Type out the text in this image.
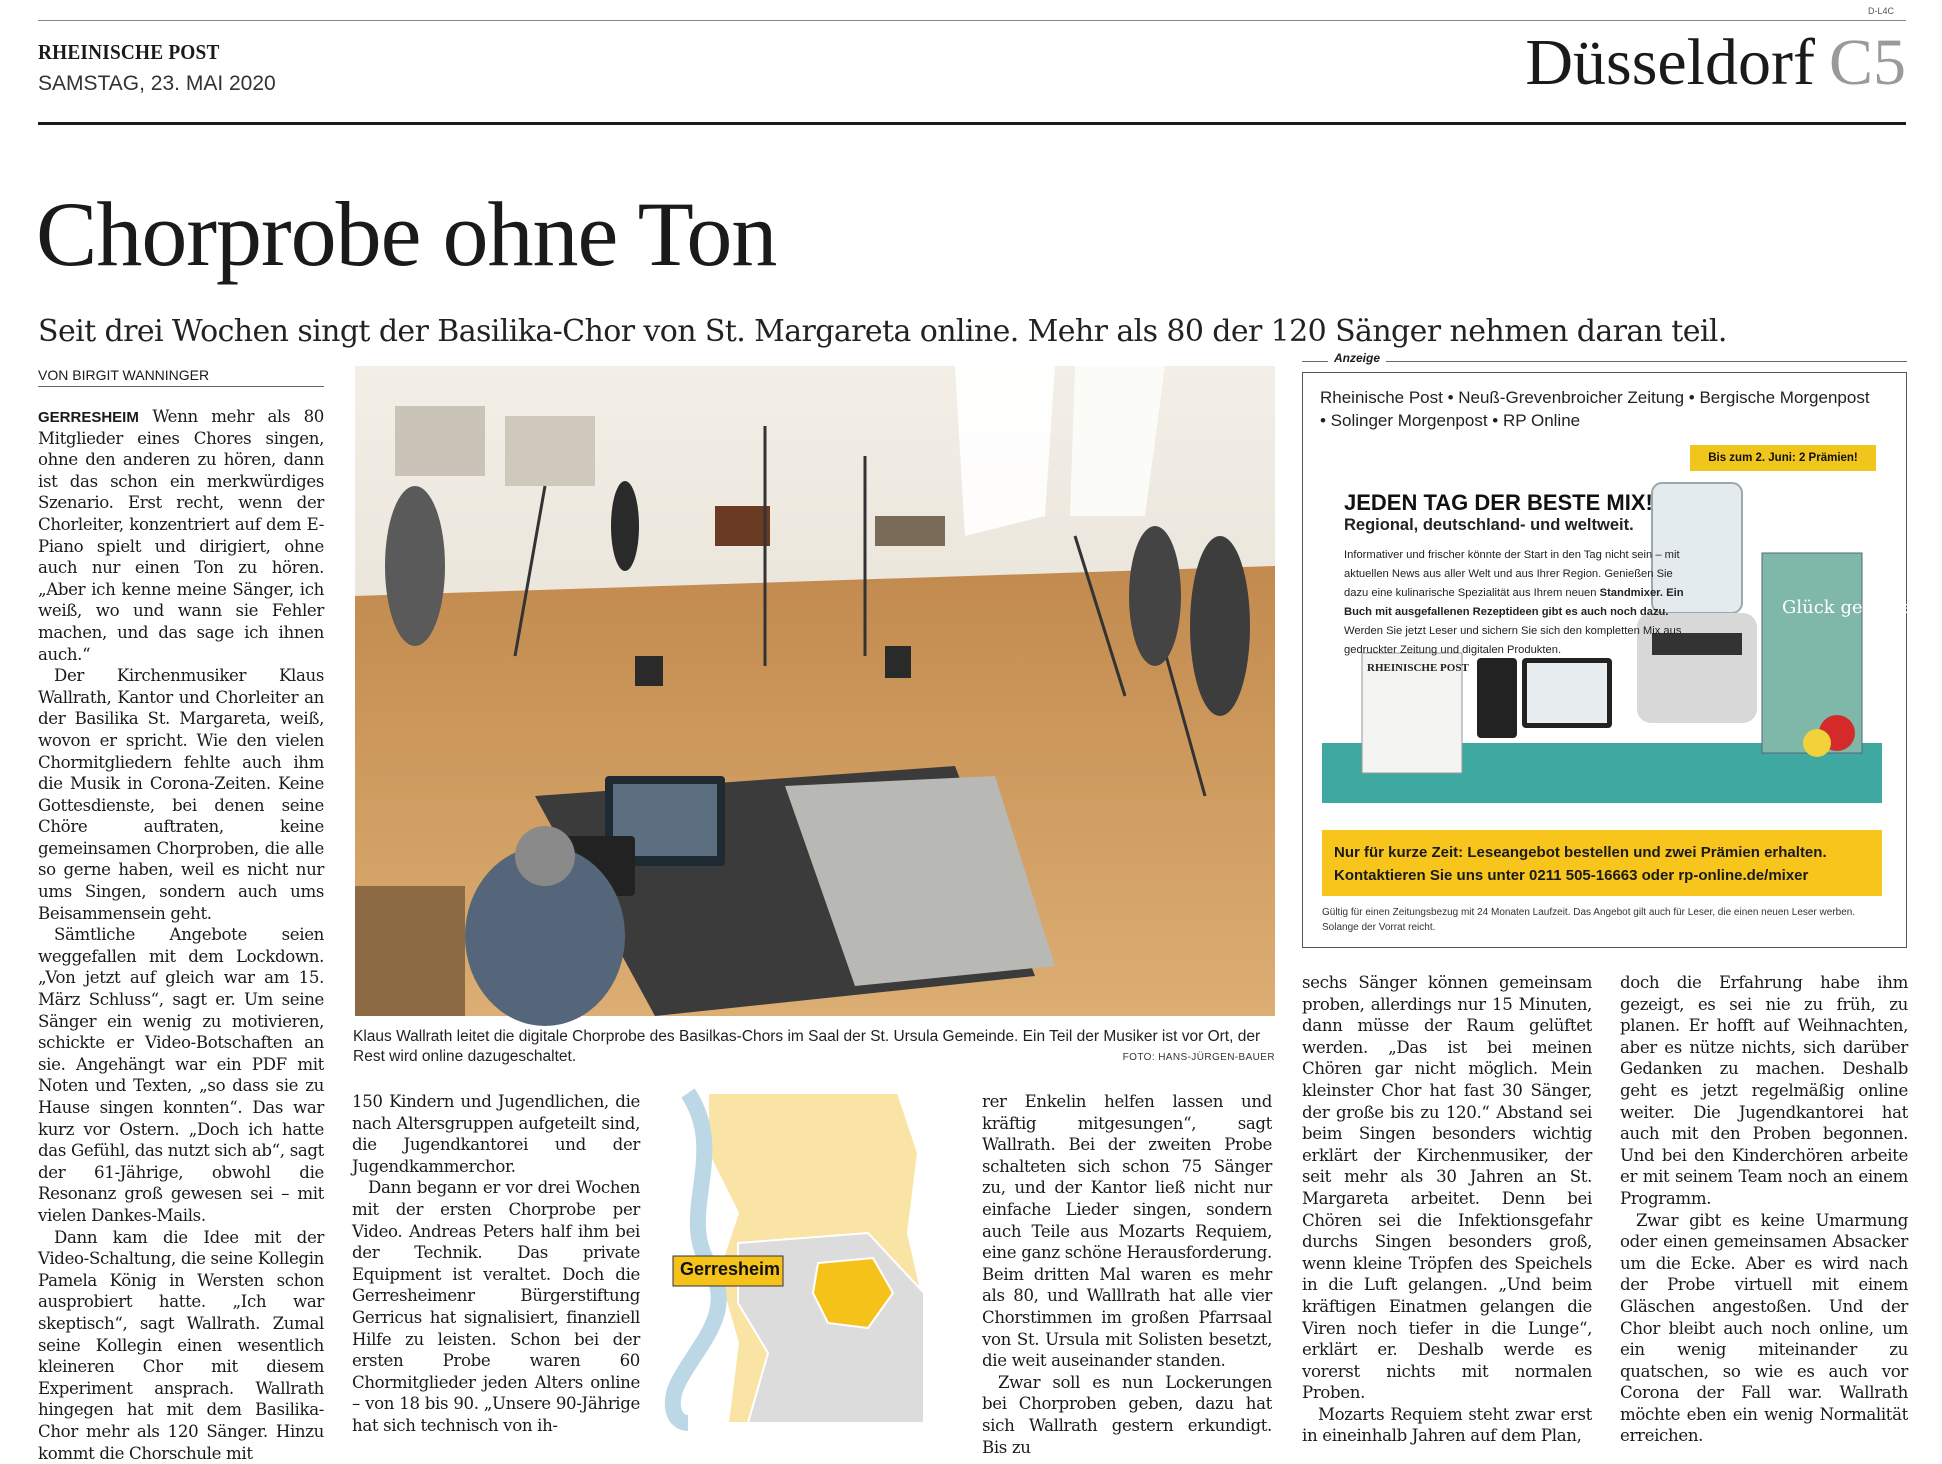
D-L4C
RHEINISCHE POST
SAMSTAG, 23. MAI 2020	Düsseldorf C5
Chorprobe ohne Ton
Seit drei Wochen singt der Basilika-Chor von St. Margareta online. Mehr als 80 der 120 Sänger nehmen daran teil.
VON BIRGIT WANNINGER

GERRESHEIM Wenn mehr als 80 Mitglieder eines Chores singen, ohne den anderen zu hören, dann ist das schon ein merkwürdiges Szenario. Erst recht, wenn der Chorleiter, konzentriert auf dem E-Piano spielt und dirigiert, ohne auch nur einen Ton zu hören. „Aber ich kenne meine Sänger, ich weiß, wo und wann sie Fehler machen, und das sage ich ihnen auch.“

Der Kirchenmusiker Klaus Wallrath, Kantor und Chorleiter an der Basilika St. Margareta, weiß, wovon er spricht. Wie den vielen Chormitgliedern fehlte auch ihm die Musik in Corona-Zeiten. Keine Gottesdienste, bei denen seine Chöre auftraten, keine gemeinsamen Chorproben, die alle so gerne haben, weil es nicht nur ums Singen, sondern auch ums Beisammensein geht.

Sämtliche Angebote seien weggefallen mit dem Lockdown. „Von jetzt auf gleich war am 15. März Schluss“, sagt er. Um seine Sänger ein wenig zu motivieren, schickte er Video-Botschaften an sie. Angehängt war ein PDF mit Noten und Texten, „so dass sie zu Hause singen konnten“. Das war kurz vor Ostern. „Doch ich hatte das Gefühl, das nutzt sich ab“, sagt der 61-Jährige, obwohl die Resonanz groß gewesen sei – mit vielen Dankes-Mails.

Dann kam die Idee mit der Video-Schaltung, die seine Kollegin Pamela König in Wersten schon ausprobiert hatte. „Ich war skeptisch“, sagt Wallrath. Zumal seine Kollegin einen wesentlich kleineren Chor mit diesem Experiment ansprach. Wallrath hingegen hat mit dem Basilika-Chor mehr als 120 Sänger. Hinzu kommt die Chorschule mit

Klaus Wallrath leitet die digitale Chorprobe des Basilkas-Chors im Saal der St. Ursula Gemeinde. Ein Teil der Musiker ist vor Ort, der Rest wird online dazugeschaltet.	FOTO: HANS-JÜRGEN-BAUER

150 Kindern und Jugendlichen, die nach Altersgruppen aufgeteilt sind, die Jugendkantorei und der Jugendkammerchor.

Dann begann er vor drei Wochen mit der ersten Chorprobe per Video. Andreas Peters half ihm bei der Technik. Das private Equipment ist veraltet. Doch die Gerresheimenr Bürgerstiftung Gerricus hat signalisiert, finanziell Hilfe zu leisten. Schon bei der ersten Probe waren 60 Chormitglieder jeden Alters online – von 18 bis 90. „Unsere 90-Jährige hat sich technisch von ih-

Gerresheim

rer Enkelin helfen lassen und kräftig mitgesungen“, sagt Wallrath. Bei der zweiten Probe schalteten sich schon 75 Sänger zu, und der Kantor ließ nicht nur einfache Lieder singen, sondern auch Teile aus Mozarts Requiem, eine ganz schöne Herausforderung. Beim dritten Mal waren es mehr als 80, und Walllrath hat alle vier Chorstimmen im großen Pfarrsaal von St. Ursula mit Solisten besetzt, die weit auseinander standen.

Zwar soll es nun Lockerungen bei Chorproben geben, dazu hat sich Wallrath gestern erkundigt. Bis zu

sechs Sänger können gemeinsam proben, allerdings nur 15 Minuten, dann müsse der Raum gelüftet werden. „Das ist bei meinen Chören gar nicht möglich. Mein kleinster Chor hat fast 30 Sänger, der große bis zu 120.“ Abstand sei beim Singen besonders wichtig erklärt der Kirchenmusiker, der seit mehr als 30 Jahren an St. Margareta arbeitet. Denn bei Chören sei die Infektionsgefahr durchs Singen besonders groß, wenn kleine Tröpfen des Speichels in die Luft gelangen. „Und beim kräftigen Einatmen gelangen die Viren noch tiefer in die Lunge“, erklärt er. Deshalb werde es vorerst nichts mit normalen Proben.

Mozarts Requiem steht zwar erst in eineinhalb Jahren auf dem Plan,

doch die Erfahrung habe ihm gezeigt, es sei nie zu früh, zu planen. Er hofft auf Weihnachten, aber es nütze nichts, sich darüber Gedanken zu machen. Deshalb geht es jetzt regelmäßig online weiter. Die Jugendkantorei hat auch mit den Proben begonnen. Und bei den Kinderchören arbeite er mit seinem Team noch an einem Programm.

Zwar gibt es keine Umarmung oder einen gemeinsamen Absacker um die Ecke. Aber es wird nach der Probe virtuell mit einem Gläschen angestoßen. Und der Chor bleibt auch noch online, um ein wenig miteinander zu quatschen, so wie es auch vor Corona der Fall war. Wallrath möchte eben ein wenig Normalität erreichen.

Anzeige
Rheinische Post • Neuß-Grevenbroicher Zeitung • Bergische Morgenpost • Solinger Morgenpost • RP Online
Glück genießen
RHEINISCHE POST
Bis zum 2. Juni: 2 Prämien!
JEDEN TAG DER BESTE MIX!
Regional, deutschland- und weltweit.
Informativer und frischer könnte der Start in den Tag nicht sein – mit aktuellen News aus aller Welt und aus Ihrer Region. Genießen Sie dazu eine kulinarische Spezialität aus Ihrem neuen Standmixer. Ein Buch mit ausgefallenen Rezeptideen gibt es auch noch dazu. Werden Sie jetzt Leser und sichern Sie sich den kompletten Mix aus gedruckter Zeitung und digitalen Produkten.
Nur für kurze Zeit: Leseangebot bestellen und zwei Prämien erhalten.
Kontaktieren Sie uns unter 0211 505-16663 oder rp-online.de/mixer
Gültig für einen Zeitungsbezug mit 24 Monaten Laufzeit. Das Angebot gilt auch für Leser, die einen neuen Leser werben. Solange der Vorrat reicht.
